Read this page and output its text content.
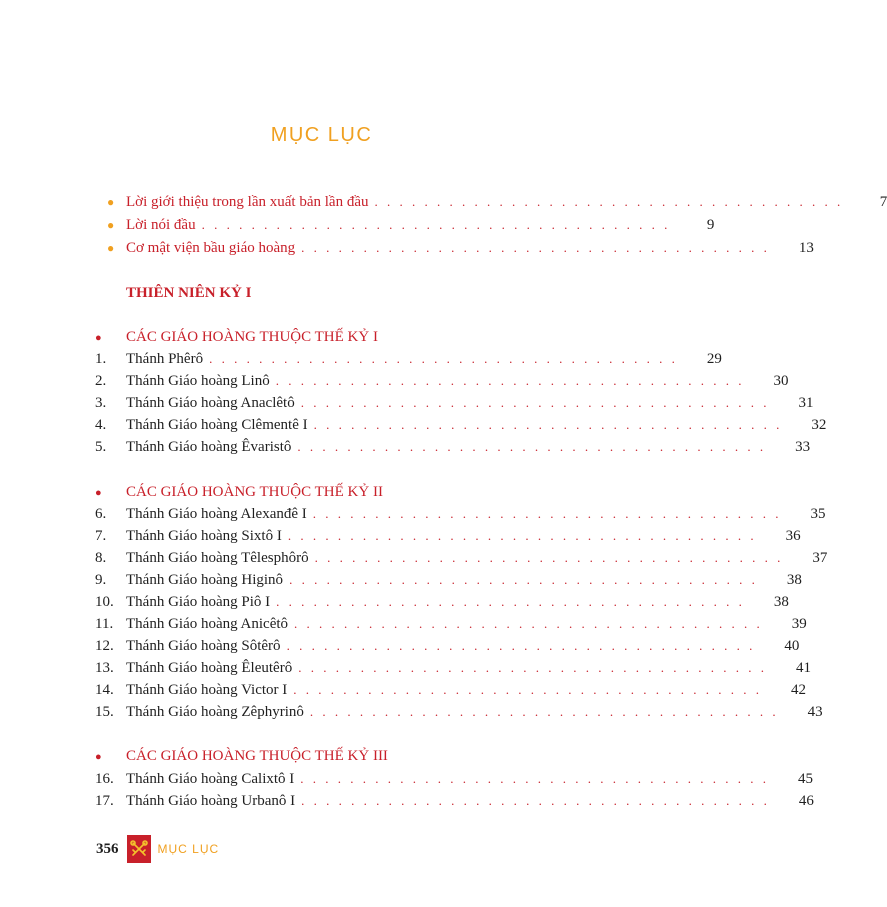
MỤC LỤC
● Lời giới thiệu trong lần xuất bản lần đầu . . . . . . . . . . . . . . . . . . . . . . . . . . . . . . . . . . . . . .	7
● Lời nói đầu . . . . . . . . . . . . . . . . . . . . . . . . . . . . . . . . . . . . . .	9
● Cơ mật viện bầu giáo hoàng . . . . . . . . . . . . . . . . . . . . . . . . . . . . . . . . . . . . . .	13
THIÊN NIÊN KỶ I
●	CÁC GIÁO HOÀNG THUỘC THẾ KỶ I
1.	Thánh Phêrô . . . . . . . . . . . . . . . . . . . . . . . . . . . . . . . . . . . . . .	29
2.	Thánh Giáo hoàng Linô . . . . . . . . . . . . . . . . . . . . . . . . . . . . . . . . . . . . . .	30
3.	Thánh Giáo hoàng Anaclêtô . . . . . . . . . . . . . . . . . . . . . . . . . . . . . . . . . . . . . .	31
4.	Thánh Giáo hoàng Clêmentê I . . . . . . . . . . . . . . . . . . . . . . . . . . . . . . . . . . . . . .	32
5.	Thánh Giáo hoàng Êvaristô . . . . . . . . . . . . . . . . . . . . . . . . . . . . . . . . . . . . . .	33
●	CÁC GIÁO HOÀNG THUỘC THẾ KỶ II
6.	Thánh Giáo hoàng Alexanđê I . . . . . . . . . . . . . . . . . . . . . . . . . . . . . . . . . . . . . .	35
7.	Thánh Giáo hoàng Sixtô I . . . . . . . . . . . . . . . . . . . . . . . . . . . . . . . . . . . . . .	36
8.	Thánh Giáo hoàng Têlesphôrô . . . . . . . . . . . . . . . . . . . . . . . . . . . . . . . . . . . . . .	37
9.	Thánh Giáo hoàng Higinô . . . . . . . . . . . . . . . . . . . . . . . . . . . . . . . . . . . . . .	38
10. Thánh Giáo hoàng Piô I . . . . . . . . . . . . . . . . . . . . . . . . . . . . . . . . . . . . . .	38
11. Thánh Giáo hoàng Anicêtô . . . . . . . . . . . . . . . . . . . . . . . . . . . . . . . . . . . . . .	39
12. Thánh Giáo hoàng Sôtêrô . . . . . . . . . . . . . . . . . . . . . . . . . . . . . . . . . . . . . .	40
13. Thánh Giáo hoàng Êleutêrô . . . . . . . . . . . . . . . . . . . . . . . . . . . . . . . . . . . . . .	41
14. Thánh Giáo hoàng Victor I . . . . . . . . . . . . . . . . . . . . . . . . . . . . . . . . . . . . . .	42
15. Thánh Giáo hoàng Zêphyrinô . . . . . . . . . . . . . . . . . . . . . . . . . . . . . . . . . . . . . .	43
●	CÁC GIÁO HOÀNG THUỘC THẾ KỶ III
16. Thánh Giáo hoàng Calixtô I . . . . . . . . . . . . . . . . . . . . . . . . . . . . . . . . . . . . . .	45
17. Thánh Giáo hoàng Urbanô I . . . . . . . . . . . . . . . . . . . . . . . . . . . . . . . . . . . . . .	46
356	MỤC LỤC
